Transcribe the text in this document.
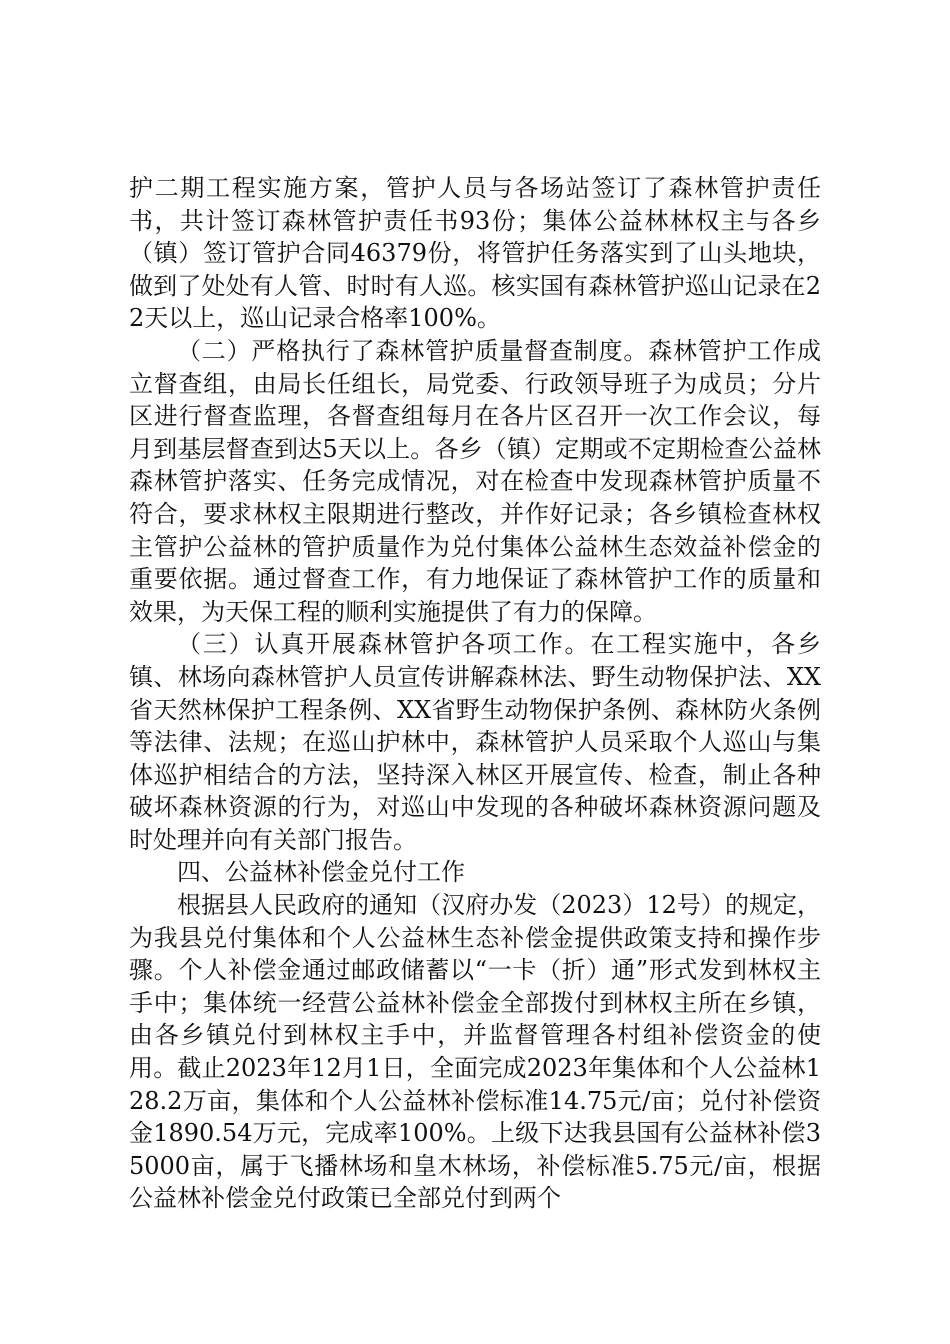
护二期工程实施方案，管护人员与各场站签订了森林管护责任书，共计签订森林管护责任书93份；集体公益林林权主与各乡（镇）签订管护合同46379份，将管护任务落实到了山头地块，做到了处处有人管、时时有人巡。核实国有森林管护巡山记录在22天以上，巡山记录合格率100%。

（二）严格执行了森林管护质量督查制度。森林管护工作成立督查组，由局长任组长，局党委、行政领导班子为成员；分片区进行督查监理，各督查组每月在各片区召开一次工作会议，每月到基层督查到达5天以上。各乡（镇）定期或不定期检查公益林森林管护落实、任务完成情况，对在检查中发现森林管护质量不符合，要求林权主限期进行整改，并作好记录；各乡镇检查林权主管护公益林的管护质量作为兑付集体公益林生态效益补偿金的重要依据。通过督查工作，有力地保证了森林管护工作的质量和效果，为天保工程的顺利实施提供了有力的保障。

（三）认真开展森林管护各项工作。在工程实施中，各乡镇、林场向森林管护人员宣传讲解森林法、野生动物保护法、XX省天然林保护工程条例、XX省野生动物保护条例、森林防火条例等法律、法规；在巡山护林中，森林管护人员采取个人巡山与集体巡护相结合的方法，坚持深入林区开展宣传、检查，制止各种破坏森林资源的行为，对巡山中发现的各种破坏森林资源问题及时处理并向有关部门报告。

四、公益林补偿金兑付工作

根据县人民政府的通知（汉府办发（2023）12号）的规定，为我县兑付集体和个人公益林生态补偿金提供政策支持和操作步骤。个人补偿金通过邮政储蓄以“一卡（折）通”形式发到林权主手中；集体统一经营公益林补偿金全部拨付到林权主所在乡镇，由各乡镇兑付到林权主手中，并监督管理各村组补偿资金的使用。截止2023年12月1日，全面完成2023年集体和个人公益林128.2万亩，集体和个人公益林补偿标准14.75元/亩；兑付补偿资金1890.54万元，完成率100%。上级下达我县国有公益林补偿35000亩，属于飞播林场和皇木林场，补偿标准5.75元/亩，根据公益林补偿金兑付政策已全部兑付到两个
